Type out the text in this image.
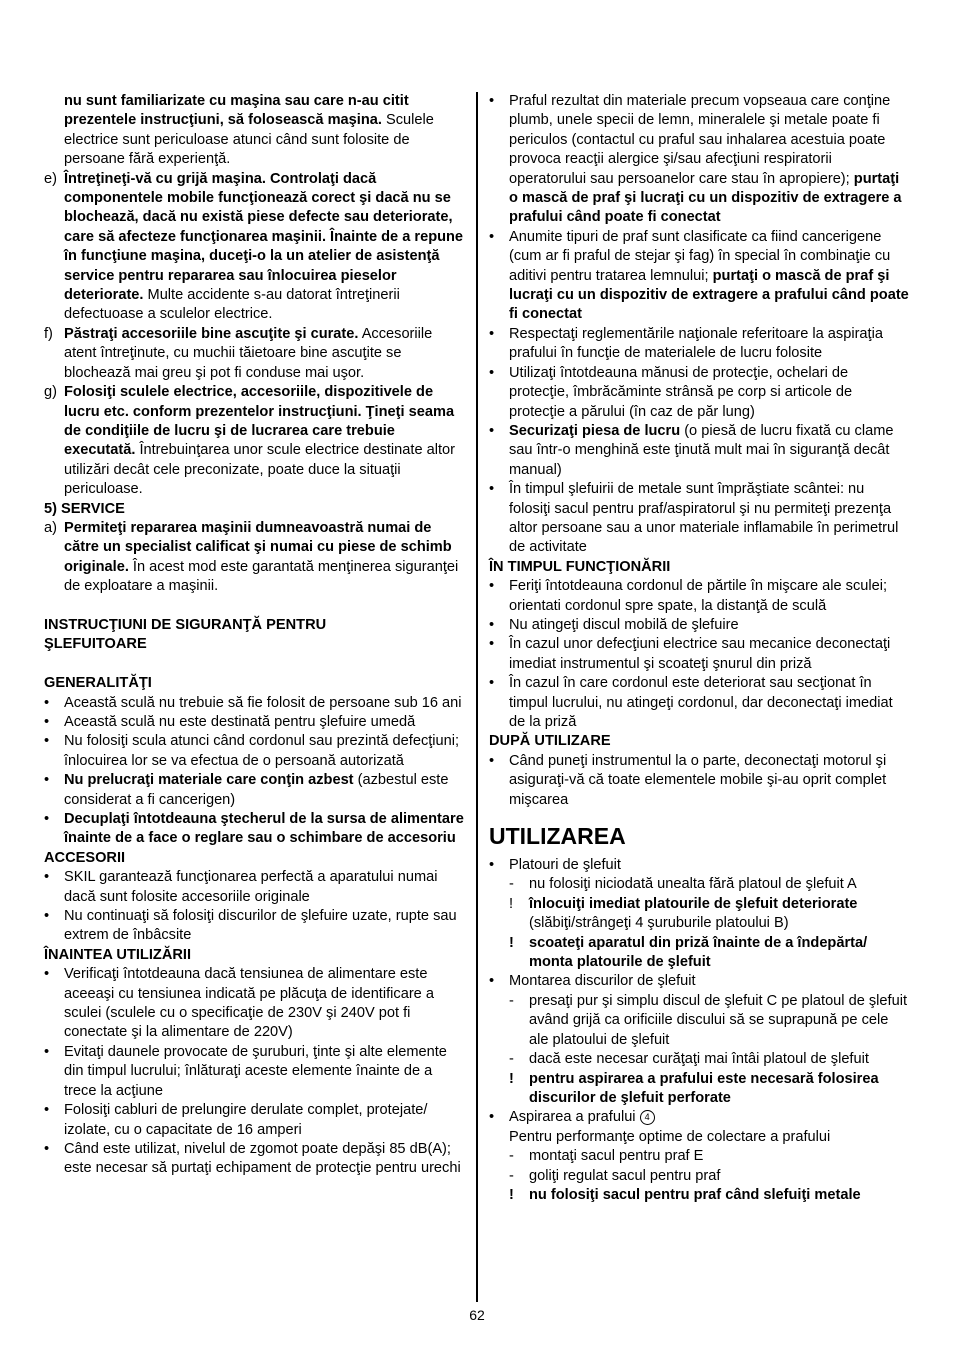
nu sunt familiarizate cu maşina sau care n-au citit prezentele instrucţiuni, să folosească maşina. Sculele electrice sunt periculoase atunci când sunt folosite de persoane fără experienţă.
e) Întreţineţi-vă cu grijă maşina. Controlaţi dacă componentele mobile funcţionează corect şi dacă nu se blochează, dacă nu există piese defecte sau deteriorate, care să afecteze funcţionarea maşinii. Înainte de a repune în funcţiune maşina, duceţi-o la un atelier de asistenţă service pentru repararea sau înlocuirea pieselor deteriorate. Multe accidente s-au datorat întreţinerii defectuoase a sculelor electrice.
f) Păstraţi accesoriile bine ascuţite şi curate. Accesoriile atent întreţinute, cu muchii tăietoare bine ascuţite se blochează mai greu şi pot fi conduse mai uşor.
g) Folosiţi sculele electrice, accesoriile, dispozitivele de lucru etc. conform prezentelor instrucţiuni. Ţineţi seama de condiţiile de lucru şi de lucrarea care trebuie executată. Întrebuinţarea unor scule electrice destinate altor utilizări decât cele preconizate, poate duce la situaţii periculoase.
5) SERVICE
a) Permiteţi repararea maşinii dumneavoastră numai de către un specialist calificat şi numai cu piese de schimb originale. În acest mod este garantată menţinerea siguranţei de exploatare a maşinii.
INSTRUCŢIUNI DE SIGURANŢĂ PENTRU
ŞLEFUITOARE
GENERALITĂŢI
• Această sculă nu trebuie să fie folosit de persoane sub 16 ani
• Această sculă nu este destinată pentru şlefuire umedă
• Nu folosiţi scula atunci când cordonul sau prezintă defecţiuni; înlocuirea lor se va efectua de o persoană autorizată
• Nu prelucraţi materiale care conţin azbest (azbestul este considerat a fi cancerigen)
• Decuplaţi întotdeauna ştecherul de la sursa de alimentare înainte de a face o reglare sau o schimbare de accesoriu
ACCESORII
• SKIL garantează funcţionarea perfectă a aparatului numai dacă sunt folosite accesoriile originale
• Nu continuaţi să folosiţi discurilor de şlefuire uzate, rupte sau extrem de înbâcsite
ÎNAINTEA UTILIZĂRII
• Verificaţi întotdeauna dacă tensiunea de alimentare este aceeaşi cu tensiunea indicată pe plăcuţa de identificare a sculei (sculele cu o specificaţie de 230V şi 240V pot fi conectate şi la alimentare de 220V)
• Evitaţi daunele provocate de şuruburi, ţinte şi alte elemente din timpul lucrului; înlăturaţi aceste elemente înainte de a trece la acţiune
• Folosiţi cabluri de prelungire derulate complet, protejate/ izolate, cu o capacitate de 16 amperi
• Când este utilizat, nivelul de zgomot poate depăşi 85 dB(A); este necesar să purtaţi echipament de protecţie pentru urechi
• Praful rezultat din materiale precum vopseaua care conţine plumb, unele specii de lemn, mineralele şi metale poate fi periculos (contactul cu praful sau inhalarea acestuia poate provoca reacţii alergice şi/sau afecţiuni respiratorii operatorului sau persoanelor care stau în apropiere); purtaţi o mască de praf şi lucraţi cu un dispozitiv de extragere a prafului când poate fi conectat
• Anumite tipuri de praf sunt clasificate ca fiind cancerigene (cum ar fi praful de stejar şi fag) în special în combinaţie cu aditivi pentru tratarea lemnului; purtaţi o mască de praf şi lucraţi cu un dispozitiv de extragere a prafului când poate fi conectat
• Respectaţi reglementările naţionale referitoare la aspiraţia prafului în funcţie de materialele de lucru folosite
• Utilizaţi întotdeauna mănusi de protecţie, ochelari de protecţie, îmbrăcăminte strânsă pe corp si articole de protecţie a părului (în caz de păr lung)
• Securizaţi piesa de lucru (o piesă de lucru fixată cu clame sau într-o menghină este ţinută mult mai în siguranţă decât manual)
• În timpul şlefuirii de metale sunt împrăştiate scântei: nu folosiţi sacul pentru praf/aspiratorul şi nu permiteţi prezenţa altor persoane sau a unor materiale inflamabile în perimetrul de activitate
ÎN TIMPUL FUNCŢIONĂRII
• Feriţi întotdeauna cordonul de părtile în mişcare ale sculei; orientati cordonul spre spate, la distanţă de sculă
• Nu atingeţi discul mobilă de şlefuire
• În cazul unor defecţiuni electrice sau mecanice deconectaţi imediat instrumentul şi scoateţi şnurul din priză
• În cazul în care cordonul este deteriorat sau secţionat în timpul lucrului, nu atingeţi cordonul, dar deconectaţi imediat de la priză
DUPĂ UTILIZARE
• Când puneţi instrumentul la o parte, deconectaţi motorul şi asiguraţi-vă că toate elementele mobile şi-au oprit complet mişcarea
UTILIZAREA
• Platouri de şlefuit
- nu folosiţi niciodată unealta fără platoul de şlefuit A
! înlocuiţi imediat platourile de şlefuit deteriorate (slăbiţi/strângeţi 4 şuruburile platoului B)
! scoateţi aparatul din priză înainte de a îndepărta/ monta platourile de şlefuit
• Montarea discurilor de şlefuit
- presaţi pur şi simplu discul de şlefuit C pe platoul de şlefuit având grijă ca orificiile discului să se suprapună pe cele ale platoului de şlefuit
- dacă este necesar curăţaţi mai întâi platoul de şlefuit
! pentru aspirarea a prafului este necesară folosirea discurilor de şlefuit perforate
• Aspirarea a prafului 4
Pentru performanţe optime de colectare a prafului
- montaţi sacul pentru praf E
- goliţi regulat sacul pentru praf
! nu folosiţi sacul pentru praf când slefuiţi metale
62
